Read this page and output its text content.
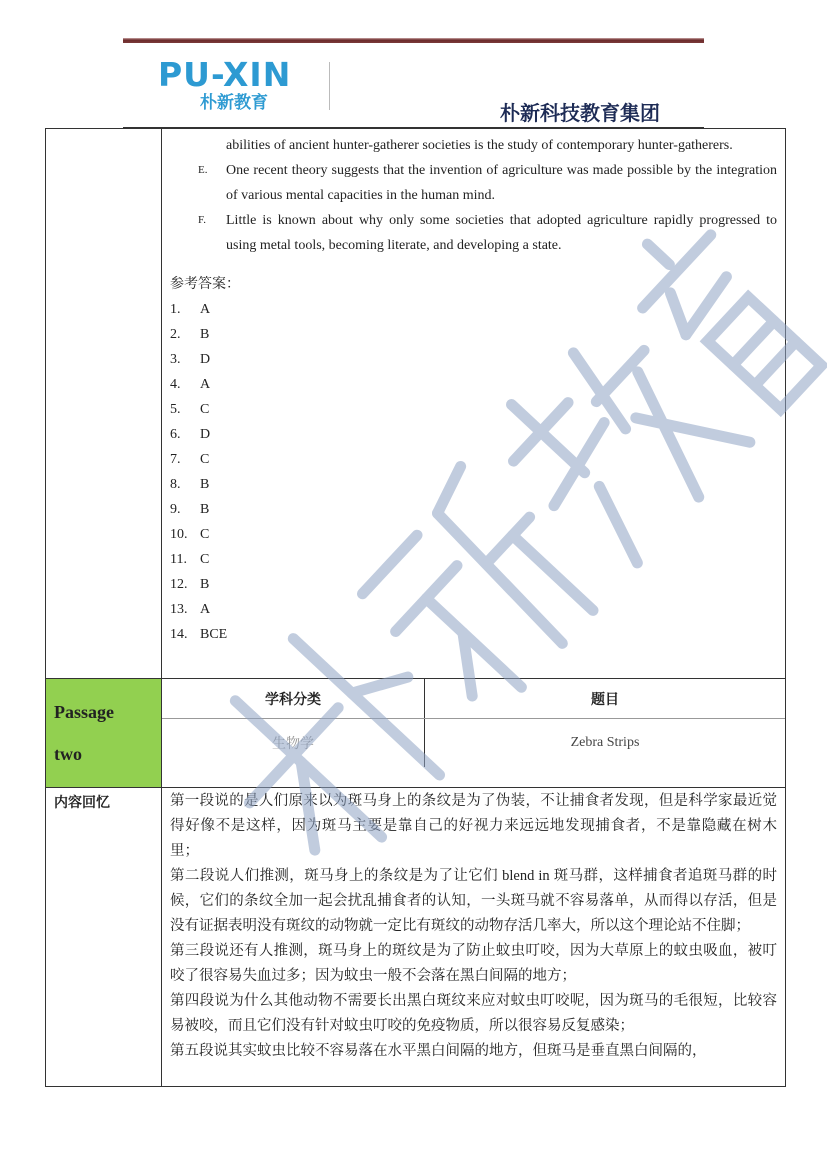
PU-XIN
朴新教育	朴新科技教育集团

abilities of ancient hunter-gatherer societies is the study of contemporary hunter-gatherers.
E.	One recent theory suggests that the invention of agriculture was made possible by the integration of various mental capacities in the human mind.
F.	Little is known about why only some societies that adopted agriculture rapidly progressed to using metal tools, becoming literate, and developing a state.
参考答案：
1.	A
2.	B
3.	D
4.	A
5.	C
6.	D
7.	C
8.	B
9.	B
10. C
11. C
12. B
13. A
14. BCE

Passage
two

学科分类	题目
生物学	Zebra Strips

内容回忆	第一段说的是人们原来以为斑马身上的条纹是为了伪装，不让捕食者发现，但是科学家最近觉得好像不是这样，因为斑马主要是靠自己的好视力来远远地发现捕食者，不是靠隐藏在树木里；
第二段说人们推测，斑马身上的条纹是为了让它们 blend in 斑马群，这样捕食者追斑马群的时候，它们的条纹全加一起会扰乱捕食者的认知，一头斑马就不容易落单，从而得以存活，但是没有证据表明没有斑纹的动物就一定比有斑纹的动物存活几率大，所以这个理论站不住脚；
第三段说还有人推测，斑马身上的斑纹是为了防止蚊虫叮咬，因为大草原上的蚊虫吸血，被叮咬了很容易失血过多；因为蚊虫一般不会落在黑白间隔的地方；
第四段说为什么其他动物不需要长出黑白斑纹来应对蚊虫叮咬呢，因为斑马的毛很短，比较容易被咬，而且它们没有针对蚊虫叮咬的免疫物质，所以很容易反复感染；
第五段说其实蚊虫比较不容易落在水平黑白间隔的地方，但斑马是垂直黑白间隔的，
